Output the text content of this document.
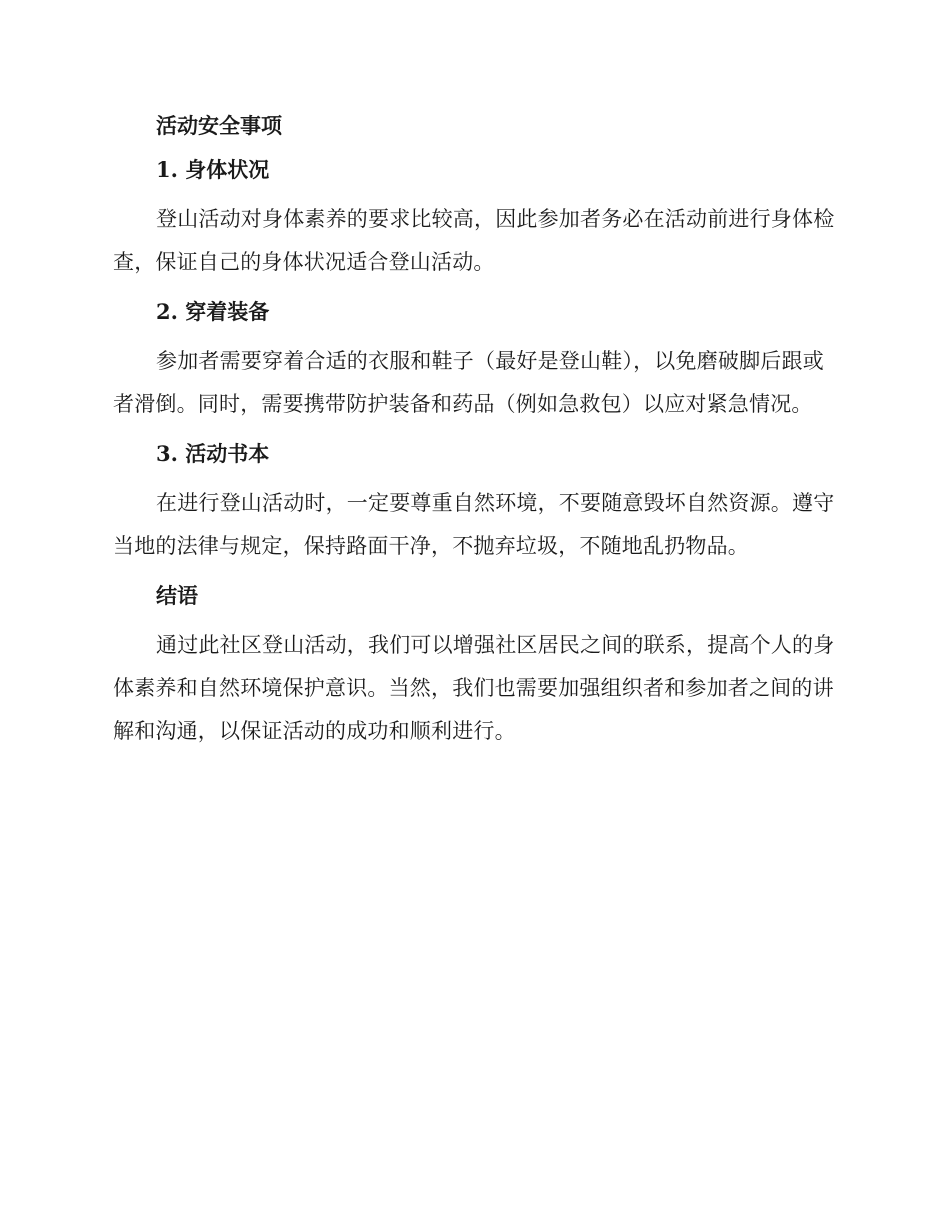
活动安全事项

1. 身体状况

登山活动对身体素养的要求比较高，因此参加者务必在活动前进行身体检查，保证自己的身体状况适合登山活动。

2. 穿着装备

参加者需要穿着合适的衣服和鞋子（最好是登山鞋），以免磨破脚后跟或者滑倒。同时，需要携带防护装备和药品（例如急救包）以应对紧急情况。

3. 活动书本

在进行登山活动时，一定要尊重自然环境，不要随意毁坏自然资源。遵守当地的法律与规定，保持路面干净，不抛弃垃圾，不随地乱扔物品。

结语

通过此社区登山活动，我们可以增强社区居民之间的联系，提高个人的身体素养和自然环境保护意识。当然，我们也需要加强组织者和参加者之间的讲解和沟通，以保证活动的成功和顺利进行。
